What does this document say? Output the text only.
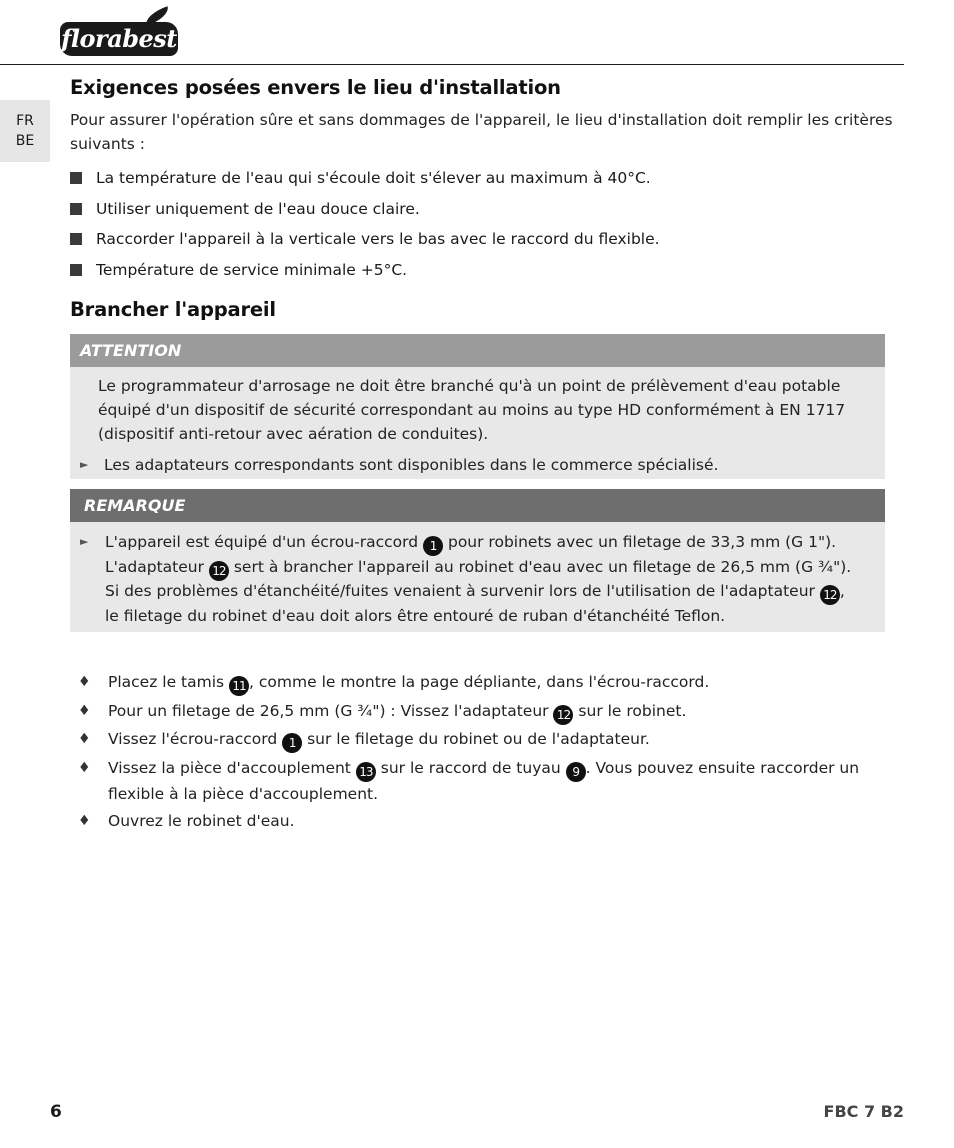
florabest
FR
BE
Exigences posées envers le lieu d'installation

Pour assurer l'opération sûre et sans dommages de l'appareil, le lieu d'installation doit remplir les critères

suivants :

La température de l'eau qui s'écoule doit s'élever au maximum à 40°C.
Utiliser uniquement de l'eau douce claire.
Raccorder l'appareil à la verticale vers le bas avec le raccord du flexible.
Température de service minimale +5°C.
Brancher l'appareil
ATTENTION
Le programmateur d'arrosage ne doit être branché qu'à un point de prélèvement d'eau potable
équipé d'un dispositif de sécurité correspondant au moins au type HD conformément à EN 1717
(dispositif anti-retour avec aération de conduites).
► Les adaptateurs correspondants sont disponibles dans le commerce spécialisé.
REMARQUE
► L'appareil est équipé d'un écrou-raccord 1 pour robinets avec un filetage de 33,3 mm (G 1").
L'adaptateur 12 sert à brancher l'appareil au robinet d'eau avec un filetage de 26,5 mm (G ¾").
Si des problèmes d'étanchéité/fuites venaient à survenir lors de l'utilisation de l'adaptateur 12 ,
le filetage du robinet d'eau doit alors être entouré de ruban d'étanchéité Teflon.
♦ Placez le tamis 11 , comme le montre la page dépliante, dans l'écrou-raccord.
♦ Pour un filetage de 26,5 mm (G ¾") : Vissez l'adaptateur 12 sur le robinet.
♦ Vissez l'écrou-raccord 1 sur le filetage du robinet ou de l'adaptateur.
♦ Vissez la pièce d'accouplement 13 sur le raccord de tuyau 9 . Vous pouvez ensuite raccorder un
flexible à la pièce d'accouplement.
♦ Ouvrez le robinet d'eau.
6	FBC 7 B2
